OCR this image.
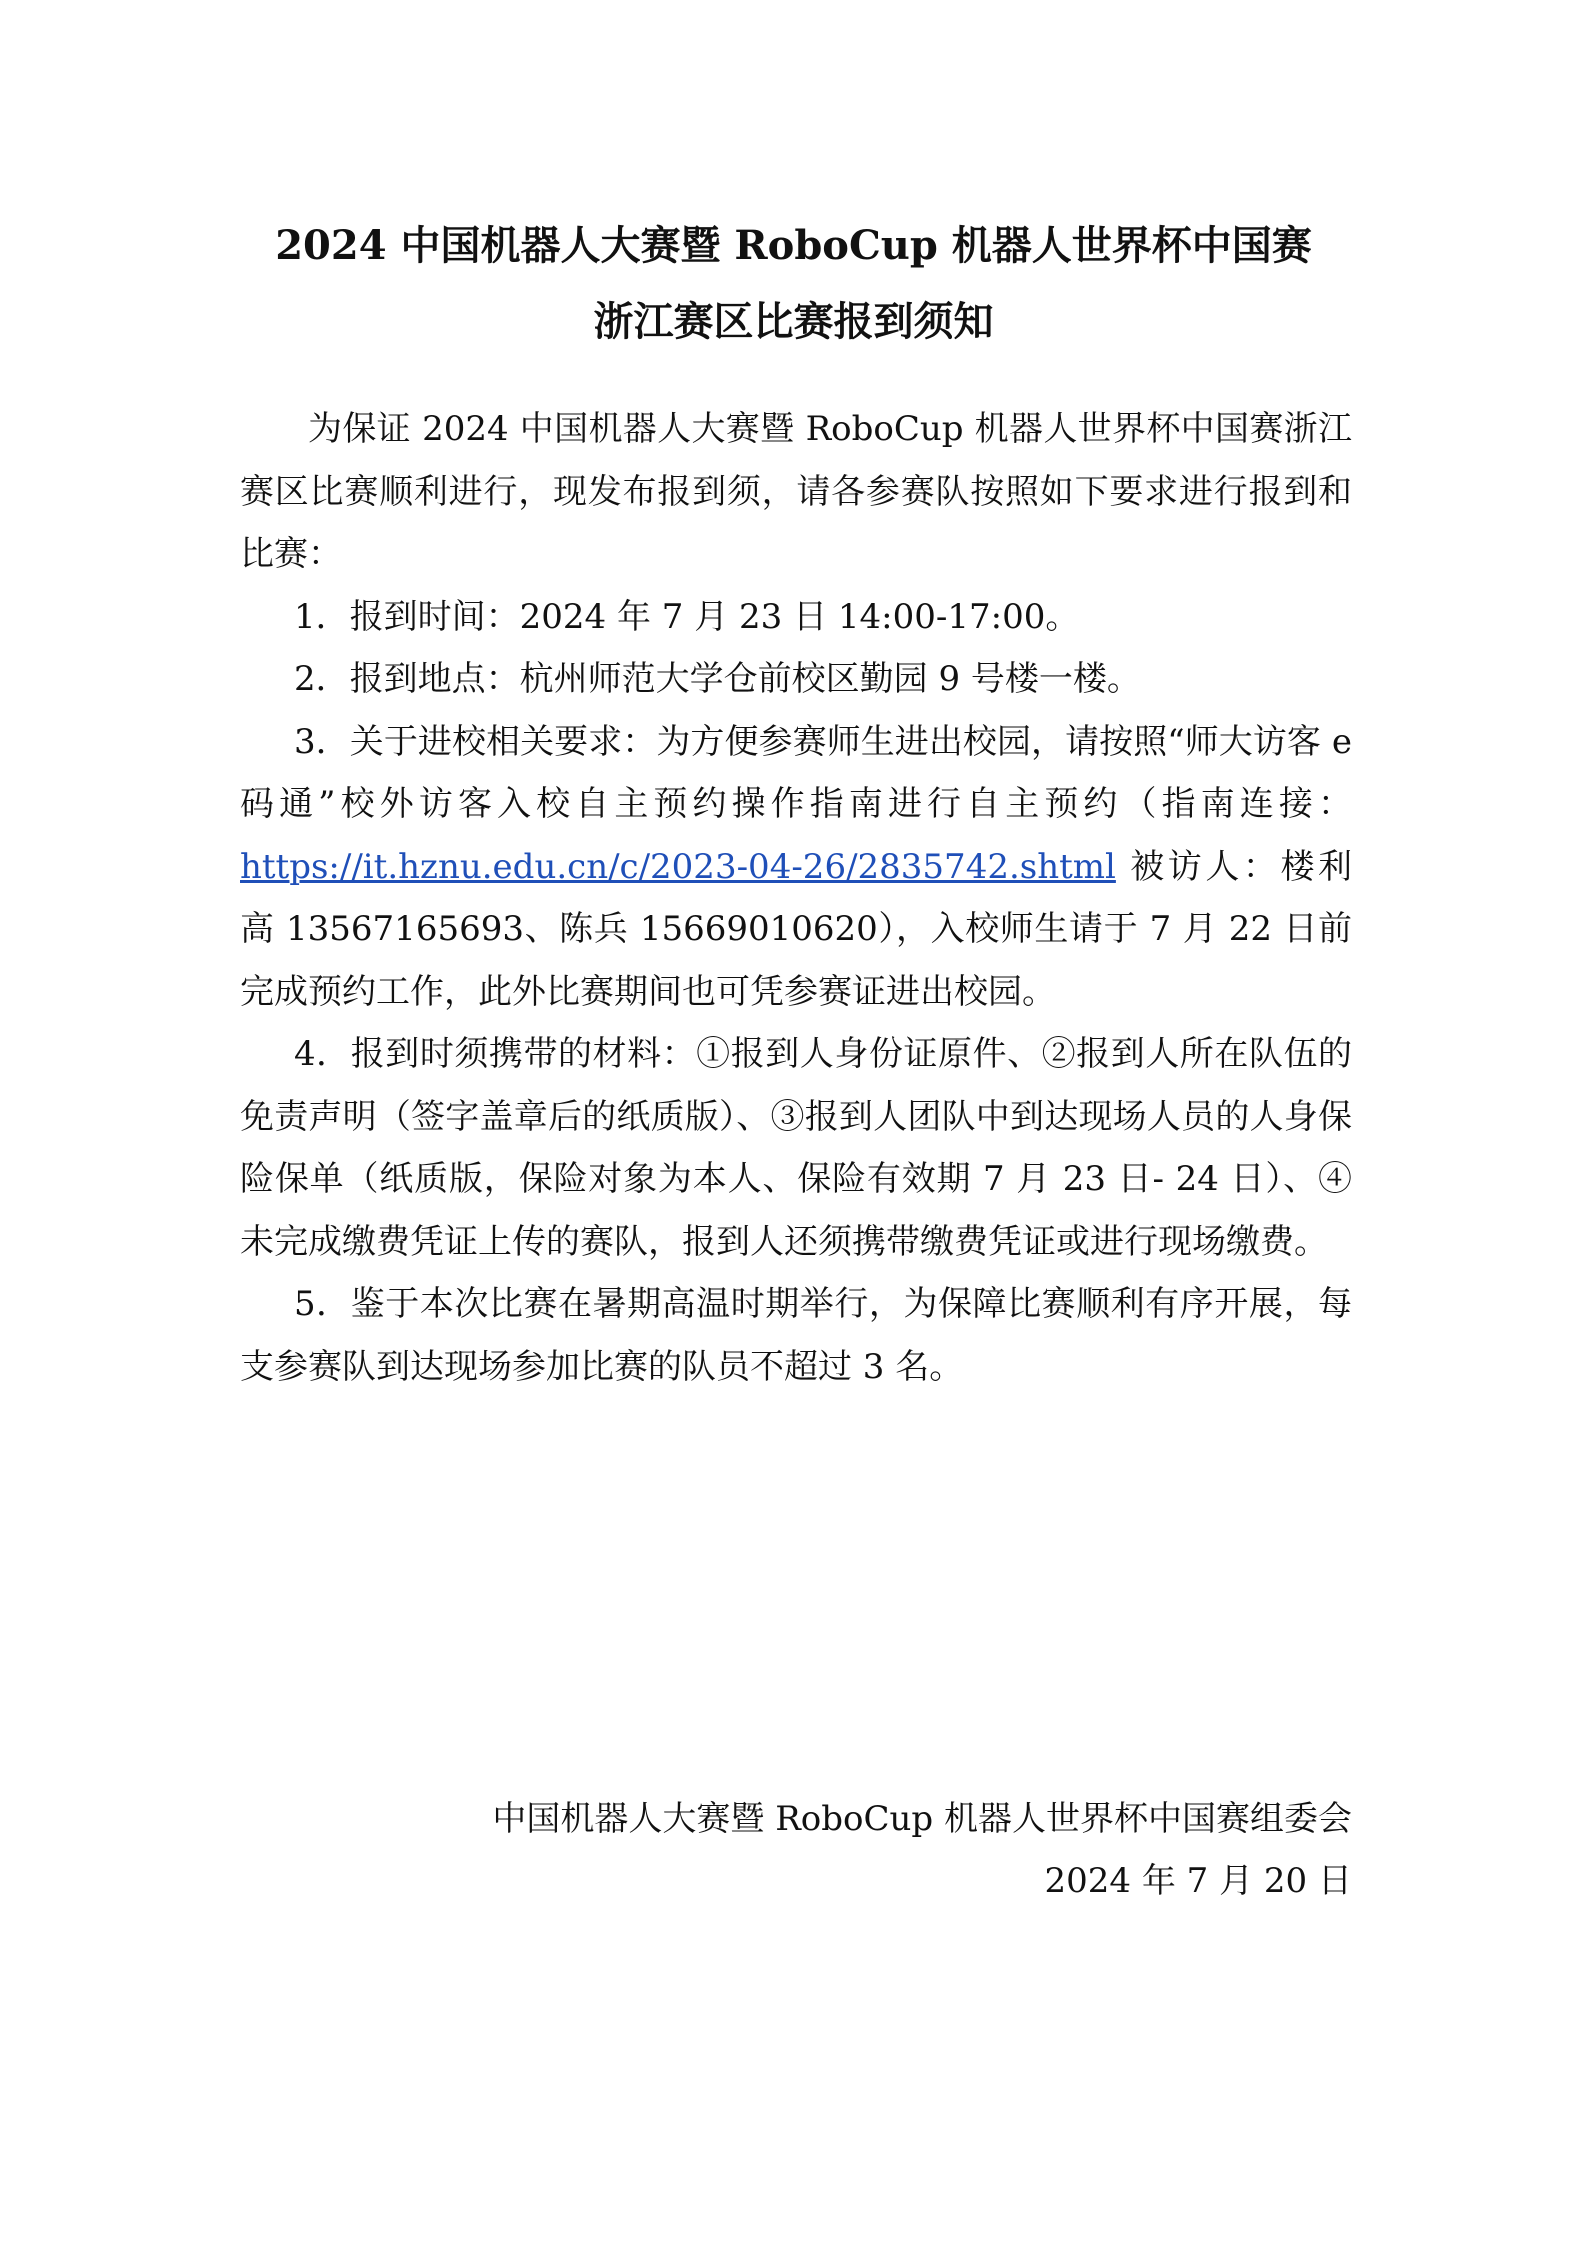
2024 中国机器人大赛暨 RoboCup 机器人世界杯中国赛
浙江赛区比赛报到须知

为保证 2024 中国机器人大赛暨 RoboCup 机器人世界杯中国赛浙江赛区比赛顺利进行，现发布报到须，请各参赛队按照如下要求进行报到和比赛：

1．报到时间：2024 年 7 月 23 日 14:00-17:00。

2．报到地点：杭州师范大学仓前校区勤园 9 号楼一楼。

3．关于进校相关要求：为方便参赛师生进出校园，请按照“师大访客 e 码通”校外访客入校自主预约操作指南进行自主预约（指南连接：https://it.hznu.edu.cn/c/2023-04-26/2835742.shtml 被访人：楼利高 13567165693、陈兵 15669010620），入校师生请于 7 月 22 日前完成预约工作，此外比赛期间也可凭参赛证进出校园。

4．报到时须携带的材料：①报到人身份证原件、②报到人所在队伍的免责声明（签字盖章后的纸质版）、③报到人团队中到达现场人员的人身保险保单（纸质版，保险对象为本人、保险有效期 7 月 23 日- 24 日）、④未完成缴费凭证上传的赛队，报到人还须携带缴费凭证或进行现场缴费。

5．鉴于本次比赛在暑期高温时期举行，为保障比赛顺利有序开展，每支参赛队到达现场参加比赛的队员不超过 3 名。

中国机器人大赛暨 RoboCup 机器人世界杯中国赛组委会
2024 年 7 月 20 日
